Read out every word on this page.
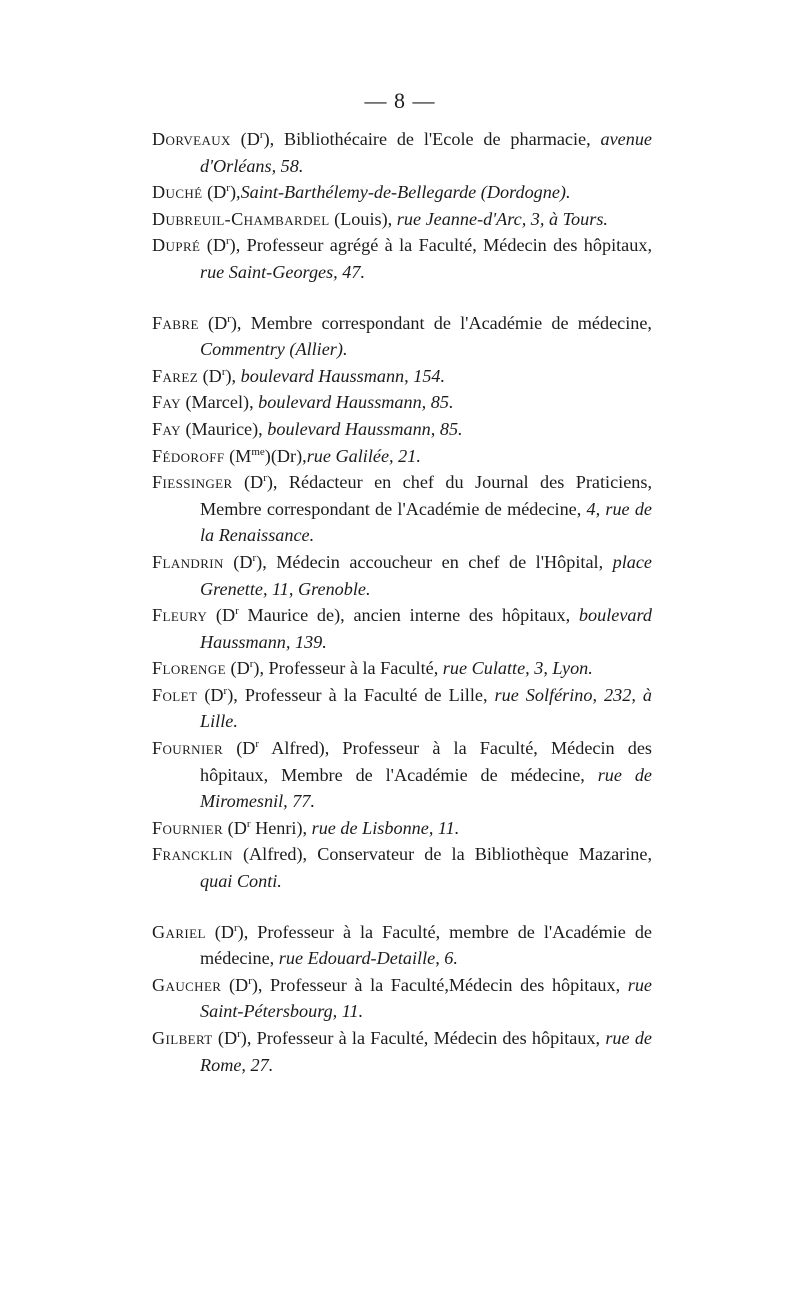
— 8 —
Dorveaux $(D^r)$, Bibliothécaire de l'Ecole de pharmacie, avenue d'Orléans, 58.
Duché $(D^r),Saint-Barthélemy-de$-Bellegarde (Dordogne).
Dubreuil-Chambardel (Louis), rue Jeanne-d'Arc, 3, à Tours.
Dupré $(D^r)$, Professeur agrégé à la Faculté, Médecin des hôpitaux, rue Saint-Georges, 47.
Fabre $(D^r)$, Membre correspondant de l'Académie de médecine, Commentry (Allier).
Farez $(D^r)$, boulevard Haussmann, 154.
Fay (Marcel), boulevard Haussmann, 85.
Fay (Maurice), boulevard Haussmann, 85.
Fédoroff $(M^{me})(Dr),rue$ Galilée, 21.
Fiessinger $(D^r)$, Rédacteur en chef du Journal des Praticiens, Membre correspondant de l'Académie de médecine, 4, rue de la Renaissance.
Flandrin $(D^r)$, Médecin accoucheur en chef de l'Hôpital, place Grenette, 11, Grenoble.
Fleury ($D^r$ Maurice de), ancien interne des hôpitaux, boulevard Haussmann, 139.
Florenge $(D^r)$, Professeur à la Faculté, rue Culatte, 3, Lyon.
Folet $(D^r)$, Professeur à la Faculté de Lille, rue Solférino, 232, à Lille.
Fournier ($D^r$ Alfred), Professeur à la Faculté, Médecin des hôpitaux, Membre de l'Académie de médecine, rue de Miromesnil, 77.
Fournier ($D^r$ Henri), rue de Lisbonne, 11.
Francklin (Alfred), Conservateur de la Bibliothèque Mazarine, quai Conti.
Gariel $(D^r)$, Professeur à la Faculté, membre de l'Académie de médecine, rue Edouard-Detaille, 6.
Gaucher $(D^r)$, Professeur à la Faculté,Médecin des hôpitaux, rue Saint-Pétersbourg, 11.
Gilbert $(D^r)$, Professeur à la Faculté, Médecin des hôpitaux, rue de Rome, 27.
